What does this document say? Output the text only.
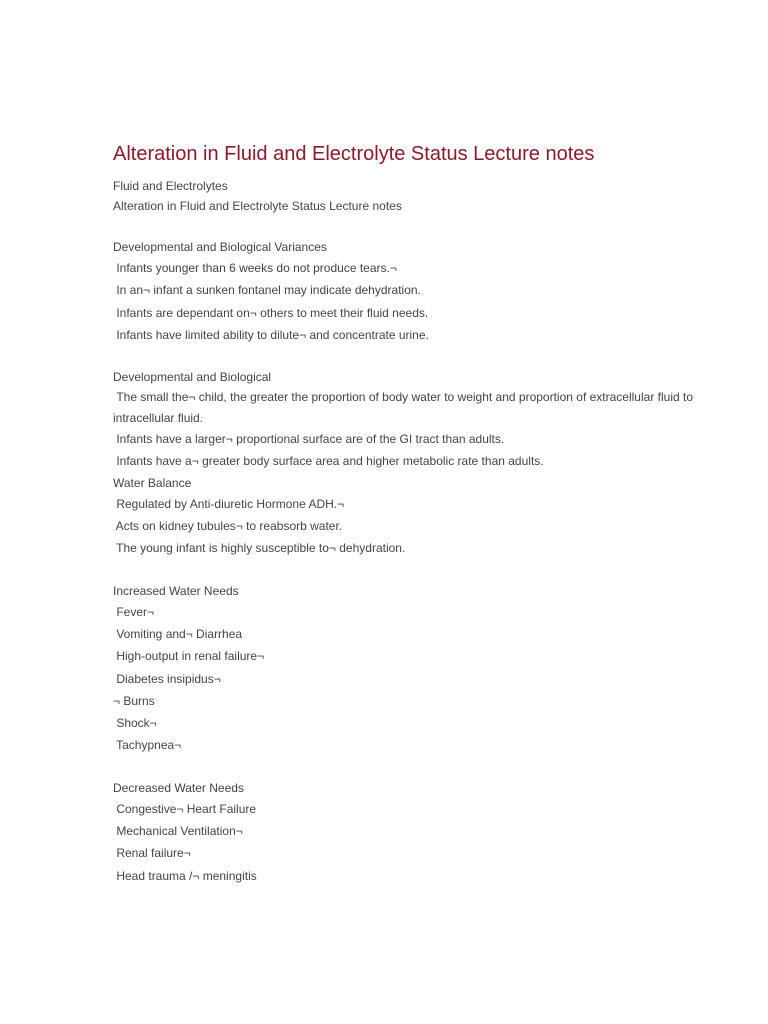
Alteration in Fluid and Electrolyte Status Lecture notes
Fluid and Electrolytes
Alteration in Fluid and Electrolyte Status Lecture notes
Developmental and Biological Variances
Infants younger than 6 weeks do not produce tears.¬
In an¬ infant a sunken fontanel may indicate dehydration.
Infants are dependant on¬ others to meet their fluid needs.
Infants have limited ability to dilute¬ and concentrate urine.
Developmental and Biological
The small the¬ child, the greater the proportion of body water to weight and proportion of extracellular fluid to intracellular fluid.
Infants have a larger¬ proportional surface are of the GI tract than adults.
Infants have a¬ greater body surface area and higher metabolic rate than adults.
Water Balance
Regulated by Anti-diuretic Hormone ADH.¬
Acts on kidney tubules¬ to reabsorb water.
The young infant is highly susceptible to¬ dehydration.
Increased Water Needs
Fever¬
Vomiting and¬ Diarrhea
High-output in renal failure¬
Diabetes insipidus¬
¬ Burns
Shock¬
Tachypnea¬
Decreased Water Needs
Congestive¬ Heart Failure
Mechanical Ventilation¬
Renal failure¬
Head trauma /¬ meningitis
